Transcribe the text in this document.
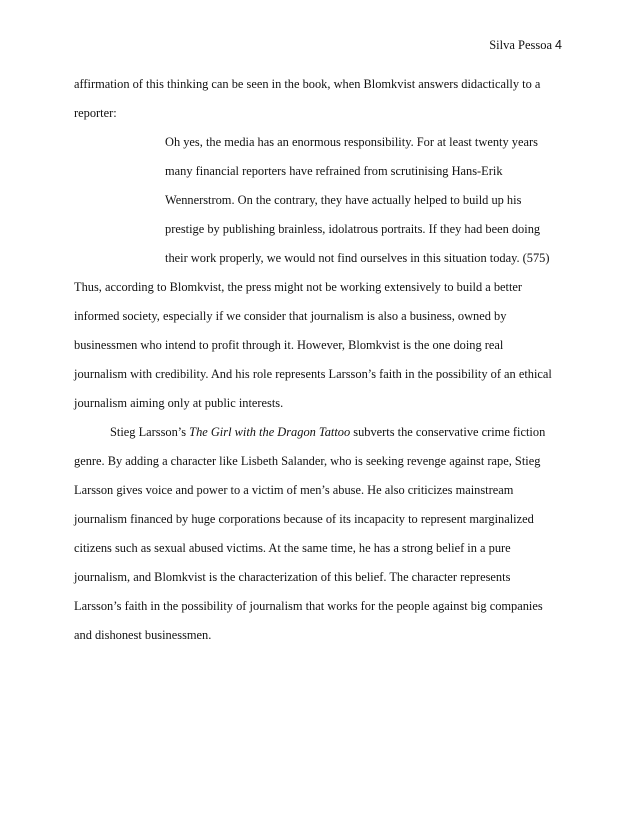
Silva Pessoa 4
affirmation of this thinking can be seen in the book, when Blomkvist answers didactically to a
reporter:
Oh yes, the media has an enormous responsibility. For at least twenty years
many financial reporters have refrained from scrutinising Hans-Erik
Wennerstrom. On the contrary, they have actually helped to build up his
prestige by publishing brainless, idolatrous portraits. If they had been doing
their work properly, we would not find ourselves in this situation today. (575)
Thus, according to Blomkvist, the press might not be working extensively to build a better
informed society, especially if we consider that journalism is also a business, owned by
businessmen who intend to profit through it. However, Blomkvist is the one doing real
journalism with credibility. And his role represents Larsson’s faith in the possibility of an ethical
journalism aiming only at public interests.
Stieg Larsson’s The Girl with the Dragon Tattoo subverts the conservative crime fiction
genre. By adding a character like Lisbeth Salander, who is seeking revenge against rape, Stieg
Larsson gives voice and power to a victim of men’s abuse. He also criticizes mainstream
journalism financed by huge corporations because of its incapacity to represent marginalized
citizens such as sexual abused victims. At the same time, he has a strong belief in a pure
journalism, and Blomkvist is the characterization of this belief. The character represents
Larsson’s faith in the possibility of journalism that works for the people against big companies
and dishonest businessmen.
